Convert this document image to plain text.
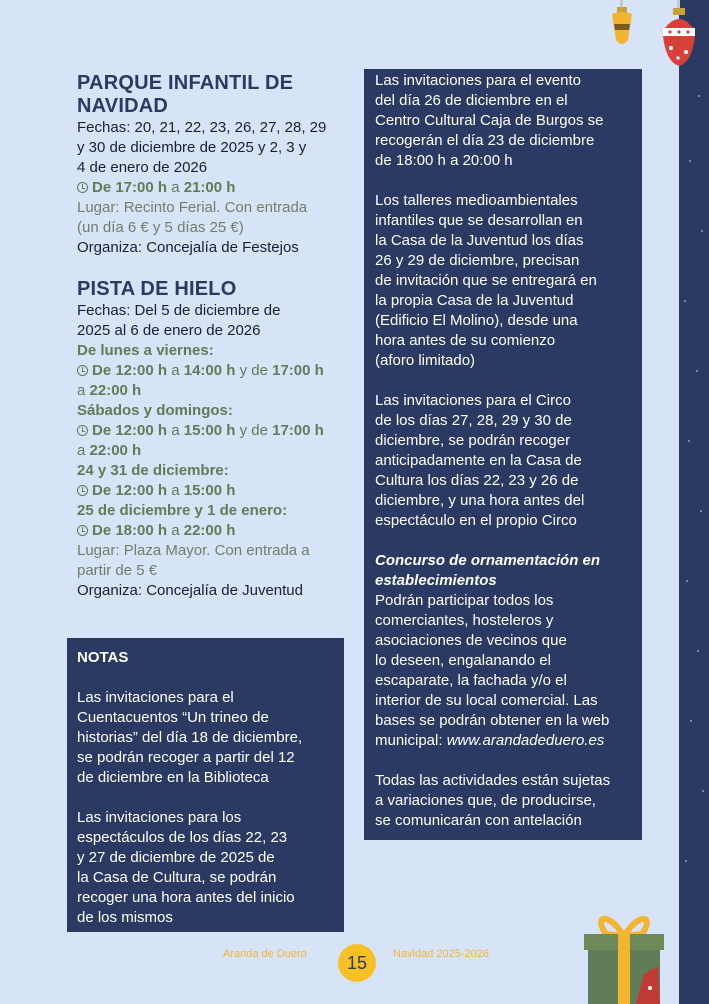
PARQUE INFANTIL DE

NAVIDAD

Fechas: 20, 21, 22, 23, 26, 27, 28, 29

y 30 de diciembre de 2025 y 2, 3 y

4 de enero de 2026

De 17:00 h a 21:00 h

Lugar: Recinto Ferial. Con entrada

(un día 6 € y 5 días 25 €)

Organiza: Concejalía de Festejos

PISTA DE HIELO

Fechas: Del 5 de diciembre de

2025 al 6 de enero de 2026

De lunes a viernes:

De 12:00 h a 14:00 h y de 17:00 h

a 22:00 h

Sábados y domingos:

De 12:00 h a 15:00 h y de 17:00 h

a 22:00 h

24 y 31 de diciembre:

De 12:00 h a 15:00 h

25 de diciembre y 1 de enero:

De 18:00 h a 22:00 h

Lugar: Plaza Mayor. Con entrada a

partir de 5 €

Organiza: Concejalía de Juventud

NOTAS

Las invitaciones para el

Cuentacuentos “Un trineo de

historias” del día 18 de diciembre,

se podrán recoger a partir del 12

de diciembre en la Biblioteca

Las invitaciones para los

espectáculos de los días 22, 23

y 27 de diciembre de 2025 de

la Casa de Cultura, se podrán

recoger una hora antes del inicio

de los mismos

Las invitaciones para el evento

del día 26 de diciembre en el

Centro Cultural Caja de Burgos se

recogerán el día 23 de diciembre

de 18:00 h a 20:00 h

Los talleres medioambientales

infantiles que se desarrollan en

la Casa de la Juventud los días

26 y 29 de diciembre, precisan

de invitación que se entregará en

la propia Casa de la Juventud

(Edificio El Molino), desde una

hora antes de su comienzo

(aforo limitado)

Las invitaciones para el Circo

de los días 27, 28, 29 y 30 de

diciembre, se podrán recoger

anticipadamente en la Casa de

Cultura los días 22, 23 y 26 de

diciembre, y una hora antes del

espectáculo en el propio Circo

Concurso de ornamentación en

establecimientos

Podrán participar todos los

comerciantes, hosteleros y

asociaciones de vecinos que

lo deseen, engalanando el

escaparate, la fachada y/o el

interior de su local comercial. Las

bases se podrán obtener en la web

municipal: www.arandadeduero.es

Todas las actividades están sujetas

a variaciones que, de producirse,

se comunicarán con antelación

Aranda de Duero	15	Navidad 2025-2026
